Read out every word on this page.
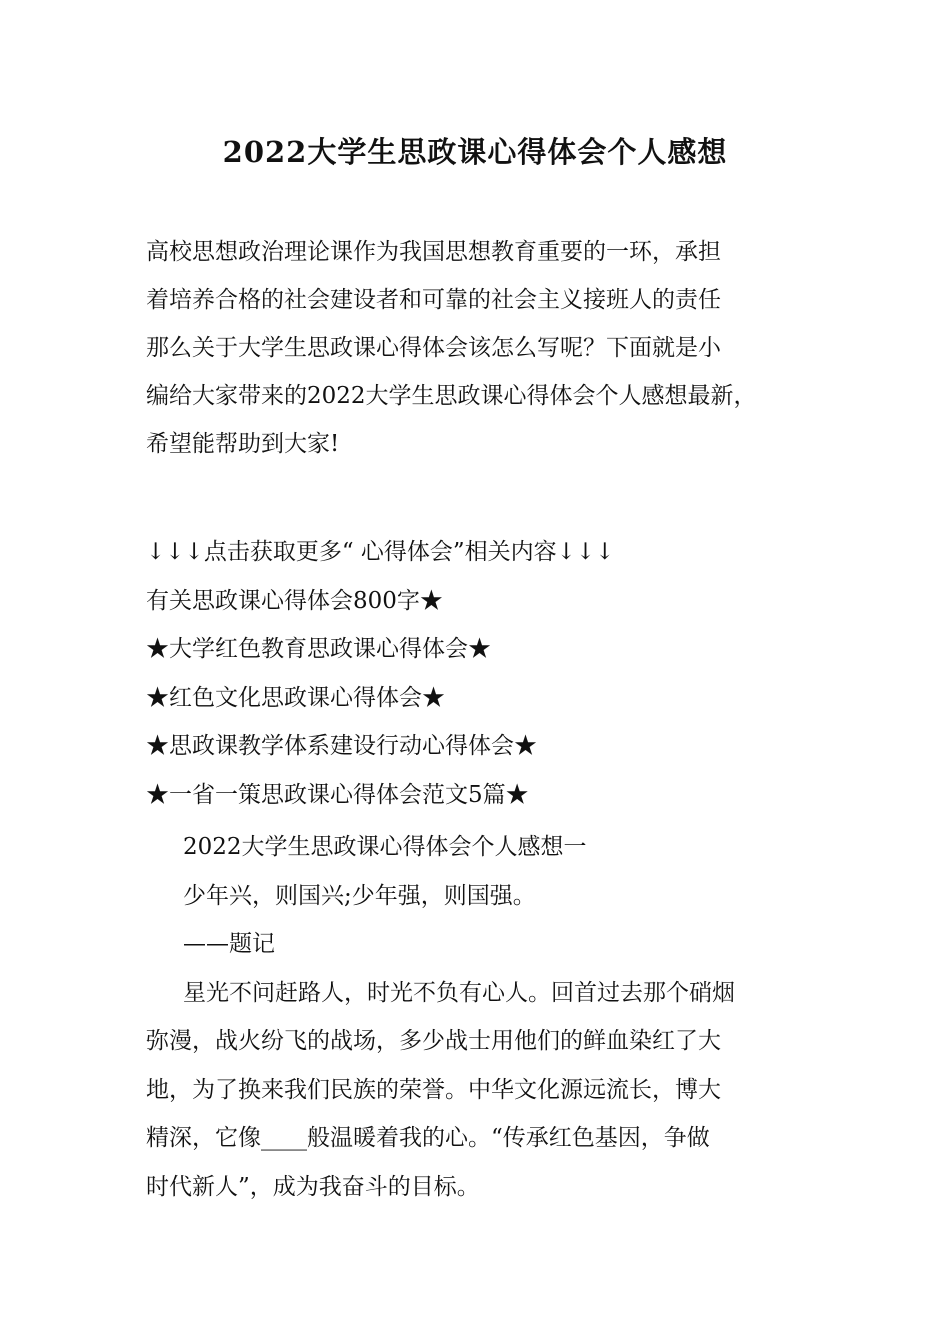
2022大学生思政课心得体会个人感想

高校思想政治理论课作为我国思想教育重要的一环，承担

着培养合格的社会建设者和可靠的社会主义接班人的责任

那么关于大学生思政课心得体会该怎么写呢？下面就是小

编给大家带来的2022大学生思政课心得体会个人感想最新，

希望能帮助到大家!

↓↓↓点击获取更多“ 心得体会”相关内容↓↓↓
有关思政课心得体会800字★
★大学红色教育思政课心得体会★
★红色文化思政课心得体会★
★思政课教学体系建设行动心得体会★
★一省一策思政课心得体会范文5篇★
2022大学生思政课心得体会个人感想一
少年兴，则国兴;少年强，则国强。
——题记
星光不问赶路人，时光不负有心人。回首过去那个硝烟
弥漫，战火纷飞的战场，多少战士用他们的鲜血染红了大
地，为了换来我们民族的荣誉。中华文化源远流长，博大
精深，它像____般温暖着我的心。“传承红色基因，争做
时代新人”，成为我奋斗的目标。
